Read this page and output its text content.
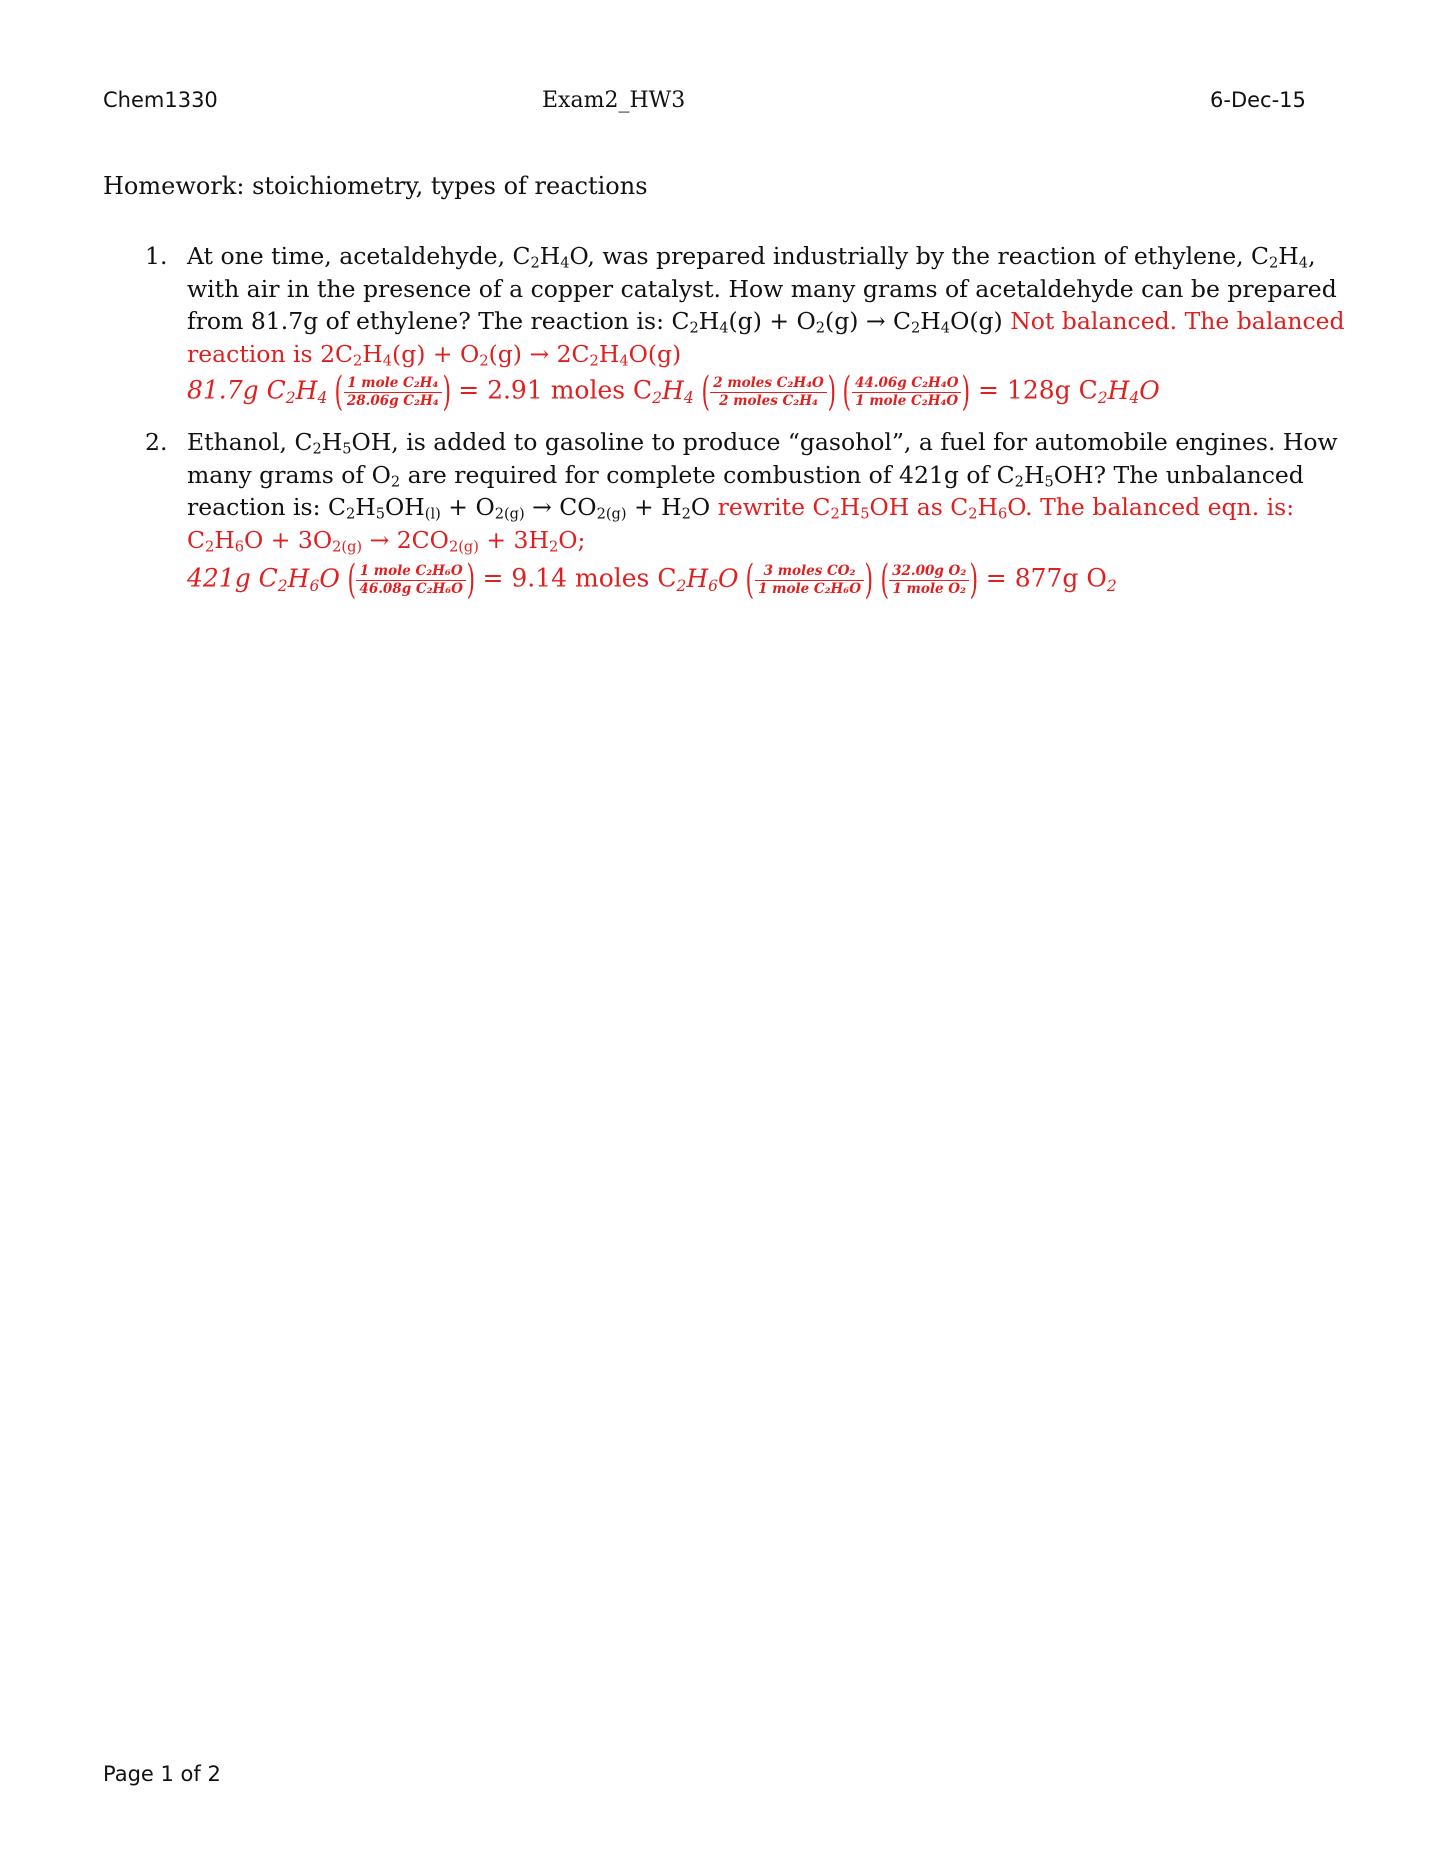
Chem1330	Exam2_HW3	6-Dec-15
Homework: stoichiometry, types of reactions
1. At one time, acetaldehyde, $C_2H_4O$, was prepared industrially by the reaction of ethylene, $C_2H_4$, with air in the presence of a copper catalyst. How many grams of acetaldehyde can be prepared from 81.7g of ethylene? The reaction is: $C_2H_4(g) + O_2(g) \to C_2H_4O(g)$ Not balanced. The balanced reaction is $2C_2H_4(g) + O_2(g) \to 2C_2H_4O(g)$
81.7g $C_2H_4$ ( $\frac{\text{1 mole C₂H₄}}{\text{28.06g C₂H₄}}$ ) = 2.91 moles $C_2H_4$ ( $\frac{\text{2 moles C₂H₄O}}{\text{2 moles C₂H₄}}$ ) ( $\frac{\text{44.06g C₂H₄O}}{\text{1 mole C₂H₄O}}$ ) = 128g $C_2H_4O$
2. Ethanol, $C_2H_5OH$, is added to gasoline to produce “gasohol”, a fuel for automobile engines. How many grams of $O_2$ are required for complete combustion of 421g of $C_2H_5OH$? The unbalanced reaction is: $C_2H_5OH_{(l)} + O_{2(g)} \to CO_{2(g)} + H_2O$ rewrite $C_2H_5OH$ as $C_2H_6O$. The balanced eqn. is: $C_2H_6O + 3O_{2(g)} \to 2CO_{2(g)} + 3H_2O$;
421g $C_2H_6O$ ( $\frac{\text{1 mole C₂H₆O}}{\text{46.08g C₂H₆O}}$ ) = 9.14 moles $C_2H_6O$ ( $\frac{\text{3 moles CO₂}}{\text{1 mole C₂H₆O}}$ ) ( $\frac{\text{32.00g O₂}}{\text{1 mole O₂}}$ ) = 877g $O_2$
Page 1 of 2
